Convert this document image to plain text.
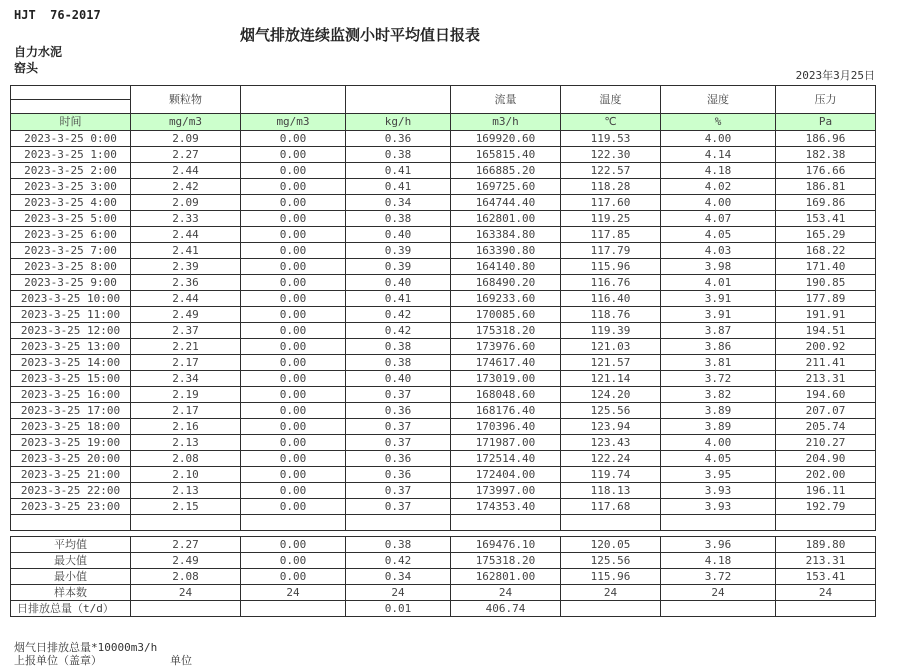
HJT  76-2017
烟气排放连续监测小时平均值日报表
自力水泥
窑头
2023年3月25日
	颗粒物			流量	温度	湿度	压力

时间	mg/m3	mg/m3	kg/h	m3/h	℃	%	Pa
2023-3-25 0:00	2.09	0.00	0.36	169920.60	119.53	4.00	186.96
2023-3-25 1:00	2.27	0.00	0.38	165815.40	122.30	4.14	182.38
2023-3-25 2:00	2.44	0.00	0.41	166885.20	122.57	4.18	176.66
2023-3-25 3:00	2.42	0.00	0.41	169725.60	118.28	4.02	186.81
2023-3-25 4:00	2.09	0.00	0.34	164744.40	117.60	4.00	169.86
2023-3-25 5:00	2.33	0.00	0.38	162801.00	119.25	4.07	153.41
2023-3-25 6:00	2.44	0.00	0.40	163384.80	117.85	4.05	165.29
2023-3-25 7:00	2.41	0.00	0.39	163390.80	117.79	4.03	168.22
2023-3-25 8:00	2.39	0.00	0.39	164140.80	115.96	3.98	171.40
2023-3-25 9:00	2.36	0.00	0.40	168490.20	116.76	4.01	190.85
2023-3-25 10:00	2.44	0.00	0.41	169233.60	116.40	3.91	177.89
2023-3-25 11:00	2.49	0.00	0.42	170085.60	118.76	3.91	191.91
2023-3-25 12:00	2.37	0.00	0.42	175318.20	119.39	3.87	194.51
2023-3-25 13:00	2.21	0.00	0.38	173976.60	121.03	3.86	200.92
2023-3-25 14:00	2.17	0.00	0.38	174617.40	121.57	3.81	211.41
2023-3-25 15:00	2.34	0.00	0.40	173019.00	121.14	3.72	213.31
2023-3-25 16:00	2.19	0.00	0.37	168048.60	124.20	3.82	194.60
2023-3-25 17:00	2.17	0.00	0.36	168176.40	125.56	3.89	207.07
2023-3-25 18:00	2.16	0.00	0.37	170396.40	123.94	3.89	205.74
2023-3-25 19:00	2.13	0.00	0.37	171987.00	123.43	4.00	210.27
2023-3-25 20:00	2.08	0.00	0.36	172514.40	122.24	4.05	204.90
2023-3-25 21:00	2.10	0.00	0.36	172404.00	119.74	3.95	202.00
2023-3-25 22:00	2.13	0.00	0.37	173997.00	118.13	3.93	196.11
2023-3-25 23:00	2.15	0.00	0.37	174353.40	117.68	3.93	192.79

平均值	2.27	0.00	0.38	169476.10	120.05	3.96	189.80
最大值	2.49	0.00	0.42	175318.20	125.56	4.18	213.31
最小值	2.08	0.00	0.34	162801.00	115.96	3.72	153.41
样本数	24	24	24	24	24	24	24
日排放总量（t/d）			0.01	406.74			
烟气日排放总量*10000m3/h
上报单位（盖章）	单位
